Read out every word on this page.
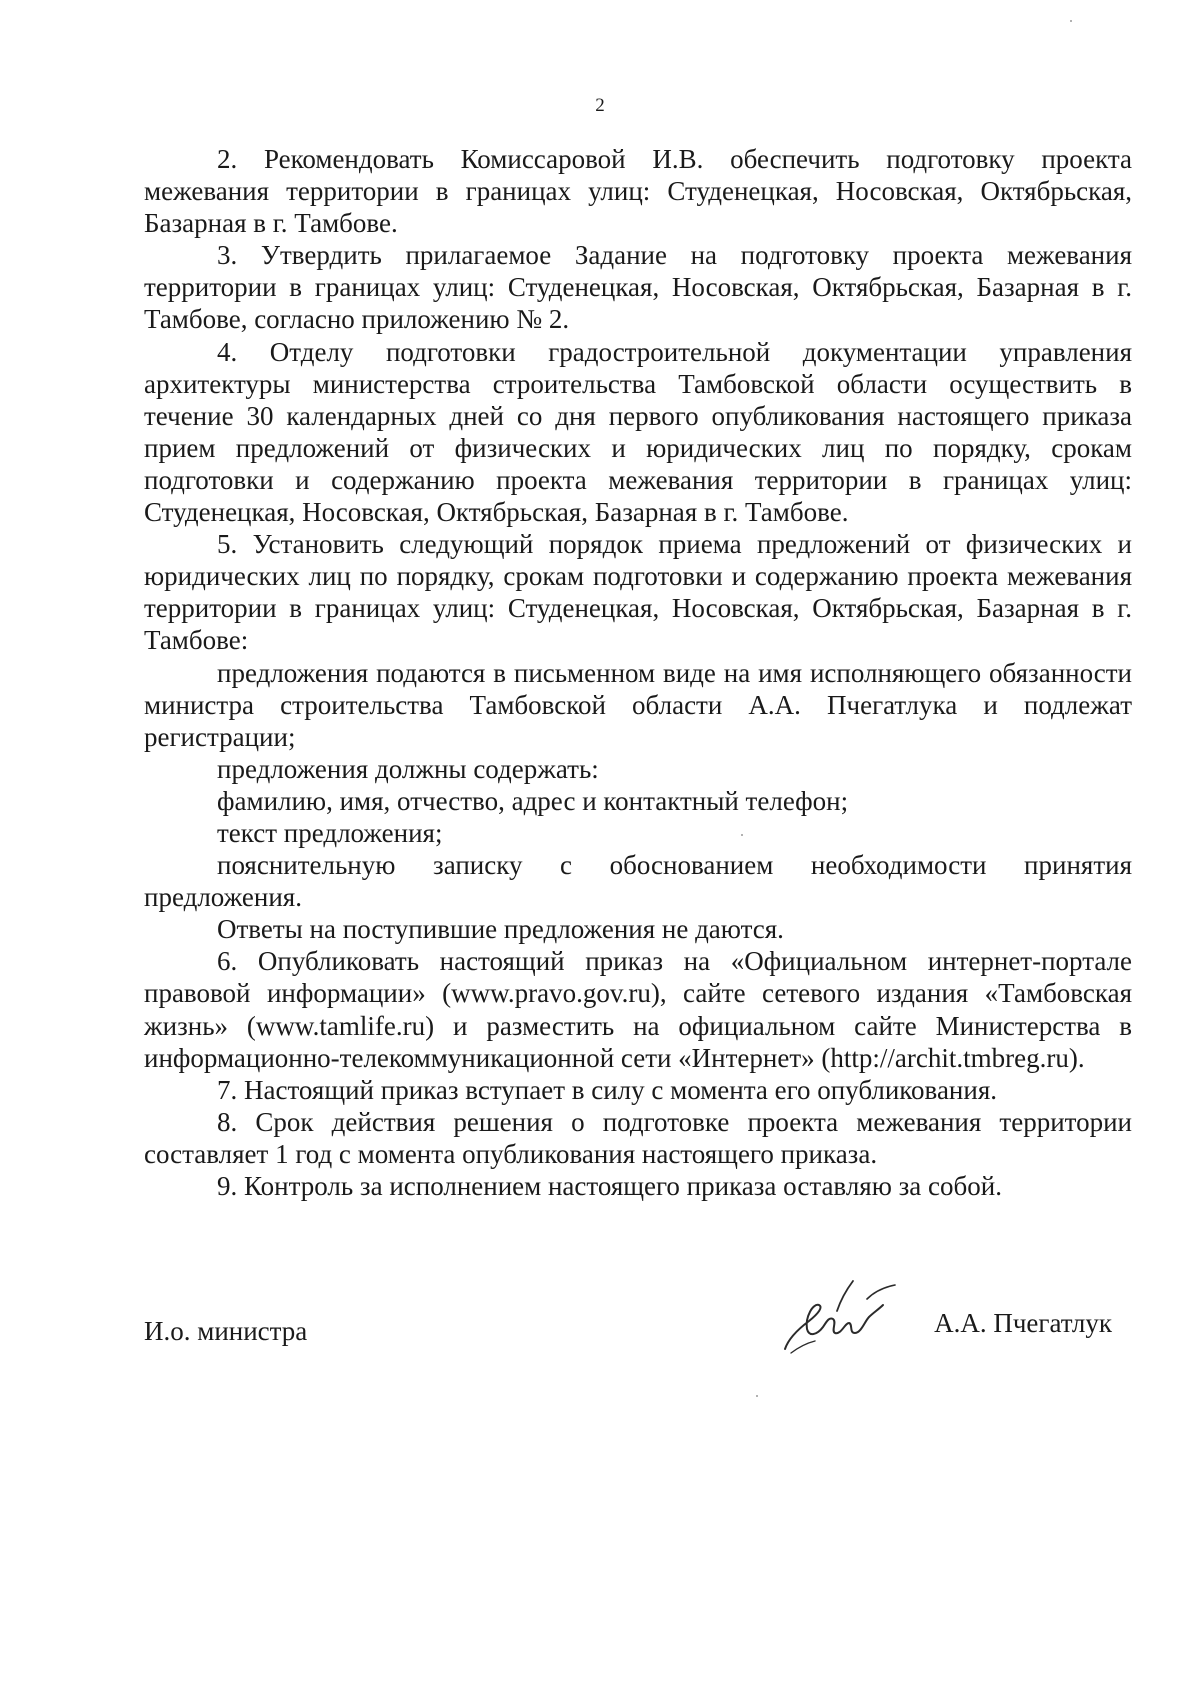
2

2. Рекомендовать Комиссаровой И.В. обеспечить подготовку проекта межевания территории в границах улиц: Студенецкая, Носовская, Октябрьская, Базарная в г. Тамбове.

3. Утвердить прилагаемое Задание на подготовку проекта межевания территории в границах улиц: Студенецкая, Носовская, Октябрьская, Базарная в г. Тамбове, согласно приложению № 2.

4. Отделу подготовки градостроительной документации управления архитектуры министерства строительства Тамбовской области осуществить в течение 30 календарных дней со дня первого опубликования настоящего приказа прием предложений от физических и юридических лиц по порядку, срокам подготовки и содержанию проекта межевания территории в границах улиц: Студенецкая, Носовская, Октябрьская, Базарная в г. Тамбове.

5. Установить следующий порядок приема предложений от физических и юридических лиц по порядку, срокам подготовки и содержанию проекта межевания территории в границах улиц: Студенецкая, Носовская, Октябрьская, Базарная в г. Тамбове:

предложения подаются в письменном виде на имя исполняющего обязанности министра строительства Тамбовской области А.А. Пчегатлука и подлежат регистрации;

предложения должны содержать:

фамилию, имя, отчество, адрес и контактный телефон;

текст предложения;

пояснительную записку с обоснованием необходимости принятия предложения.

Ответы на поступившие предложения не даются.

6. Опубликовать настоящий приказ на «Официальном интернет-портале правовой информации» (www.pravo.gov.ru), сайте сетевого издания «Тамбовская жизнь» (www.tamlife.ru) и разместить на официальном сайте Министерства в информационно-телекоммуникационной сети «Интернет» (http://archit.tmbreg.ru).

7. Настоящий приказ вступает в силу с момента его опубликования.

8. Срок действия решения о подготовке проекта межевания территории составляет 1 год с момента опубликования настоящего приказа.

9. Контроль за исполнением настоящего приказа оставляю за собой.

И.о. министра	А.А. Пчегатлук
